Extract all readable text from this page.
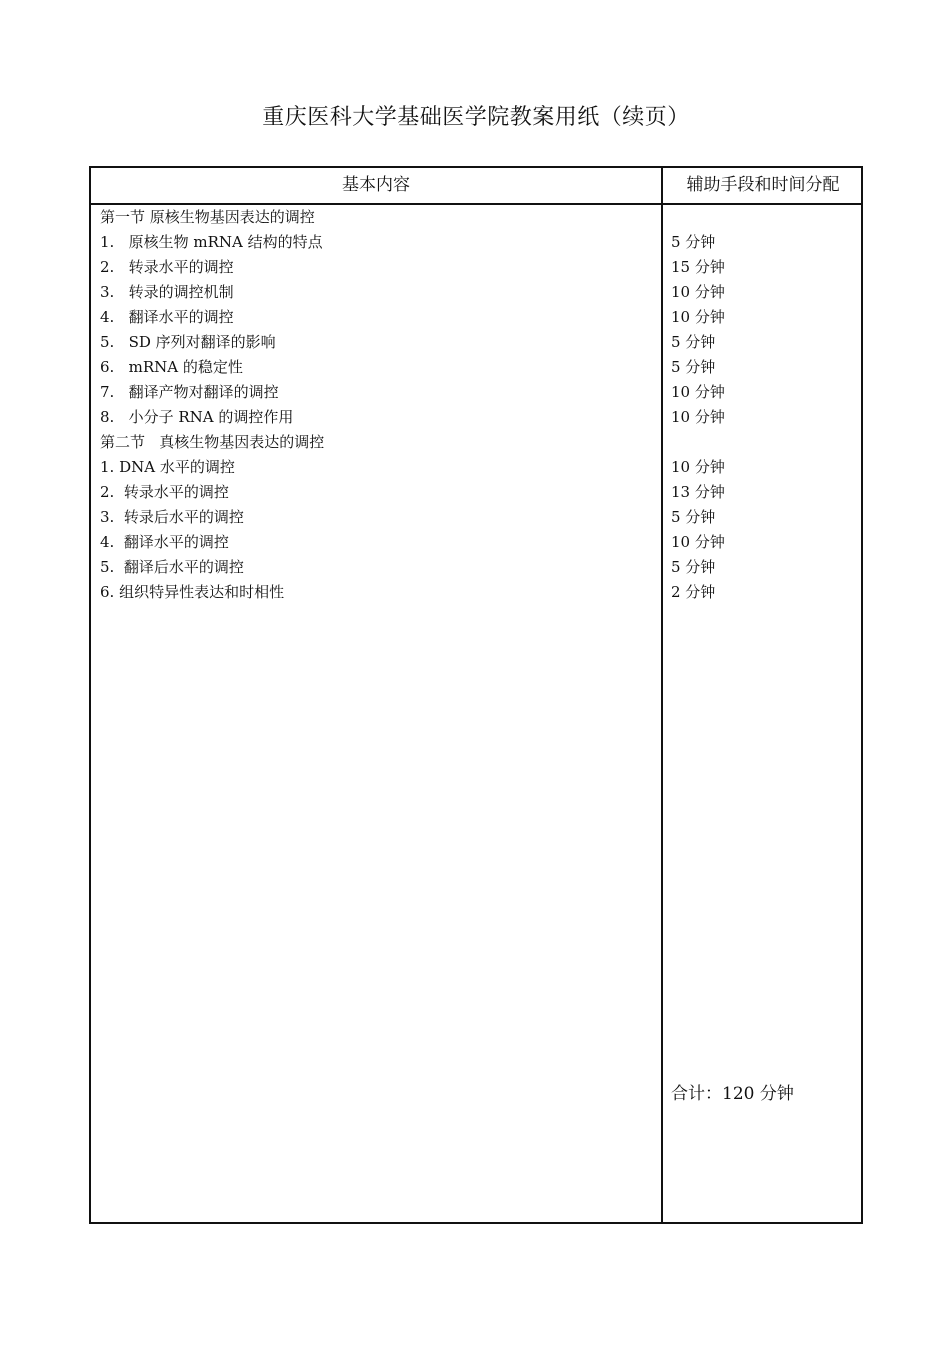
重庆医科大学基础医学院教案用纸（续页）
基本内容	辅助手段和时间分配
第一节 原核生物基因表达的调控
1.   原核生物 mRNA 结构的特点	5 分钟
2.   转录水平的调控	15 分钟
3.   转录的调控机制	10 分钟
4.   翻译水平的调控	10 分钟
5.   SD 序列对翻译的影响	5 分钟
6.   mRNA 的稳定性	5 分钟
7.   翻译产物对翻译的调控	10 分钟
8.   小分子 RNA 的调控作用	10 分钟
第二节   真核生物基因表达的调控
1. DNA 水平的调控	10 分钟
2.  转录水平的调控	13 分钟
3.  转录后水平的调控	5 分钟
4.  翻译水平的调控	10 分钟
5.  翻译后水平的调控	5 分钟
6. 组织特异性表达和时相性	2 分钟
合计：120 分钟
